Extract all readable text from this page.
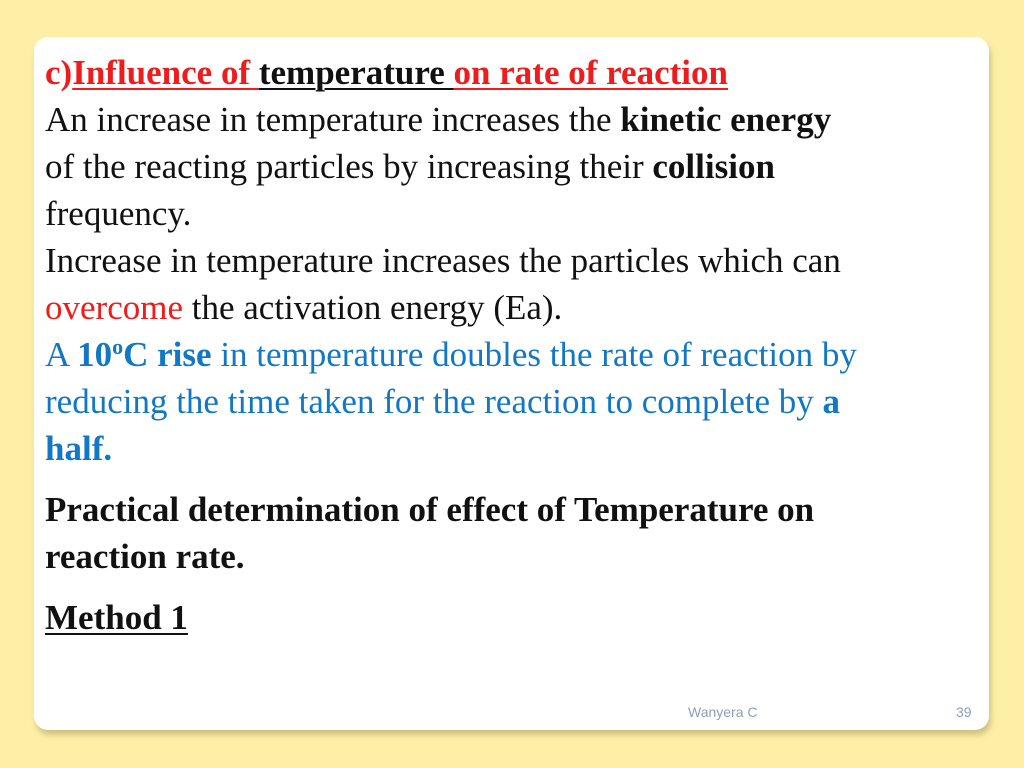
c)Influence of temperature on rate of reaction
An increase in temperature increases the kinetic energy
of the reacting particles by increasing their collision
frequency.
Increase in temperature increases the particles which can
overcome the activation energy (Ea).
A 10$^o$C rise in temperature doubles the rate of reaction by
reducing the time taken for the reaction to complete by a
half.
Practical determination of effect of Temperature on
reaction rate.
Method 1
Wanyera C	39
